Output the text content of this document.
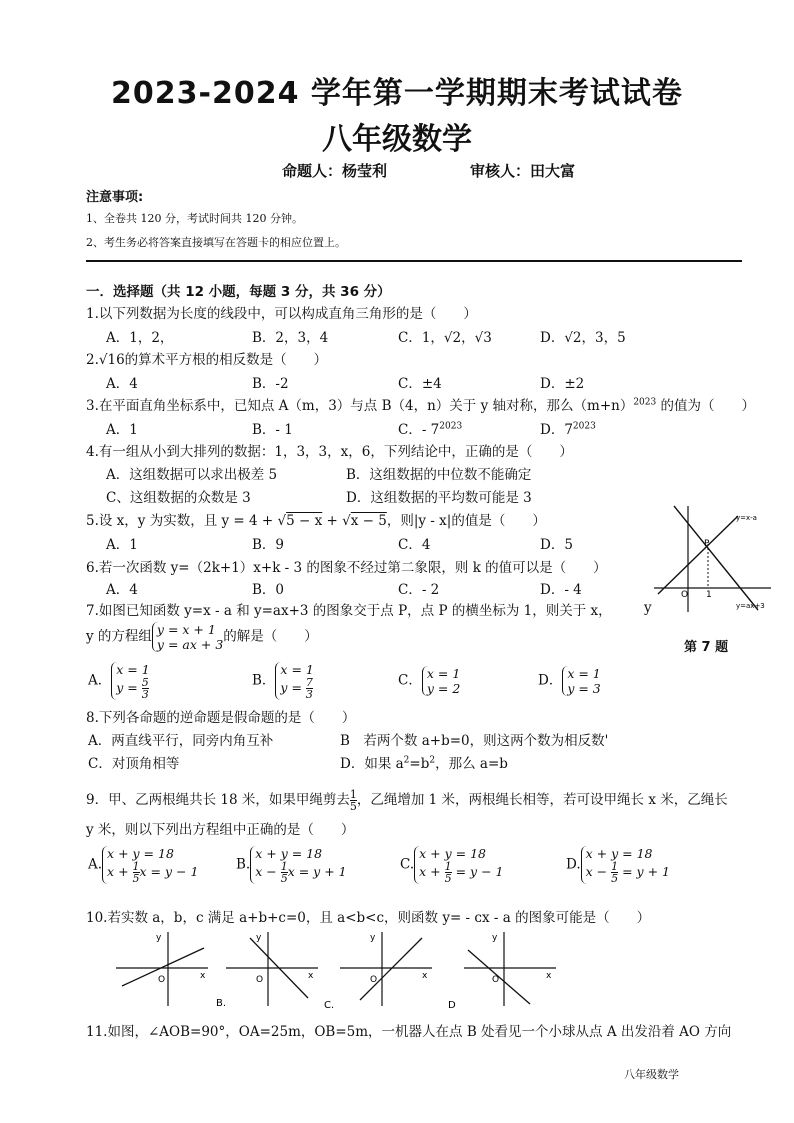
2023-2024 学年第一学期期末考试试卷
八年级数学
命题人：杨莹利	审核人：田大富
注意事项:
1、全卷共 120 分，考试时间共 120 分钟。
2、考生务必将答案直接填写在答题卡的相应位置上。
一．选择题（共 12 小题，每题 3 分，共 36 分）
1.以下列数据为长度的线段中，可以构成直角三角形的是（　　）
A．1，2，	B．2，3，4	C．1，√2，√3	D．√2，3，5
2.√16的算术平方根的相反数是（　　）
A．4	B．-2	C．±4	D．±2
3.在平面直角坐标系中，已知点 A（m，3）与点 B（4，n）关于 y 轴对称，那么$(m+n)^{2023}$ 的值为（　　）
A．1	B．- 1	C．- $7^{2023}$	D．$7^{2023}$
4.有一组从小到大排列的数据：1，3，3，x，6，下列结论中，正确的是（　　）
A．这组数据可以求出极差 5	B．这组数据的中位数不能确定
C、这组数据的众数是 3	D．这组数据的平均数可能是 3
5.设 x，y 为实数，且 y = 4 + √5 − x + √x − 5，则|y - x|的值是（　　）
A．1	B．9	C．4	D．5
6.若一次函数 y=（2k+1）x+k - 3 的图象不经过第二象限，则 k 的值可以是（　　）
A．4	B．0	C．- 2	D．- 4
P
O 1
y=x-a
y=ax+3
7.如图已知函数 y=x - a 和 y=ax+3 的图象交于点 P，点 P 的横坐标为 1，则关于 x， y
y 的方程组 y = x + 1
y = ax + 3 的解是（　　）
第 7 题
A．
x = 1
$y = \frac{5}{3}$	B．
x = 1
$y = \frac{7}{3}$	C． x = 1
y = 2	D． x = 1
y = 3
8.下列各命题的逆命题是假命题的是（　　）
A．两直线平行，同旁内角互补	B　若两个数 a+b=0，则这两个数为相反数'
C．对顶角相等	D．如果 $a^2=b^2$，那么 a=b
9．甲、乙两根绳共长 18 米，如果甲绳剪去 $\frac{1}{5}$ ，乙绳增加 1 米，两根绳长相等，若可设甲绳长 x 米，乙绳长
y 米，则以下列出方程组中正确的是（　　）
A.
x + y = 18
$x + \frac{1}{5}$ x = y − 1	B.
x + y = 18
$x - \frac{1}{5}$ x = y + 1	C.
x + y = 18
$x + \frac{1}{5} = y - 1$	D.
x + y = 18
$x - \frac{1}{5} = y + 1$
10.若实数 a，b，c 满足 a+b+c=0，且 a<b<c，则函数 y= - ᴄx - a 的图象可能是（　　）
y
x
O
y
x
O
B.
y
x
O
C.
y
x
O
D
11.如图，∠AOB=90°，OA=25m，OB=5m，一机器人在点 B 处看见一个小球从点 A 出发沿着 AO 方向
八年级数学
